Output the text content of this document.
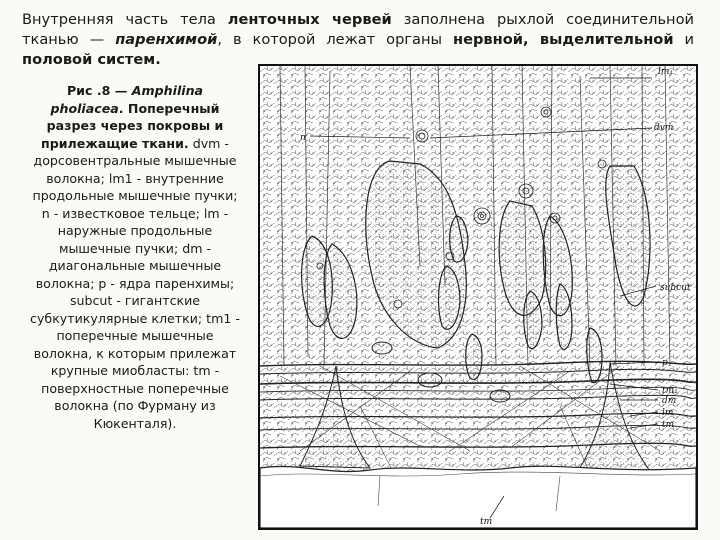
Внутренняя часть тела ленточных червей заполнена рыхлой соединительной тканью — паренхимой, в которой лежат органы нервной, выделительной и половой систем.
Рис .8 — Amphilina pholiacea. Поперечный разрез через покровы и прилежащие ткани. dvm - дорсовентральные мышечные волокна; lm1 - внутренние продольные мышечные пучки; n - известковое тельце; lm - наружные продольные мышечные пучки; dm - диагональные мышечные волокна; p - ядра паренхимы; subcut - гигантские субкутикулярные клетки; tm1 - поперечные мышечные волокна, к которым прилежат крупные миобласты: tm - поверхностные поперечные волокна (по Фурману из Кюкенталя).
lm₁
dvm
n
subcut
p
tm₁
dm
lm
tm
tm
